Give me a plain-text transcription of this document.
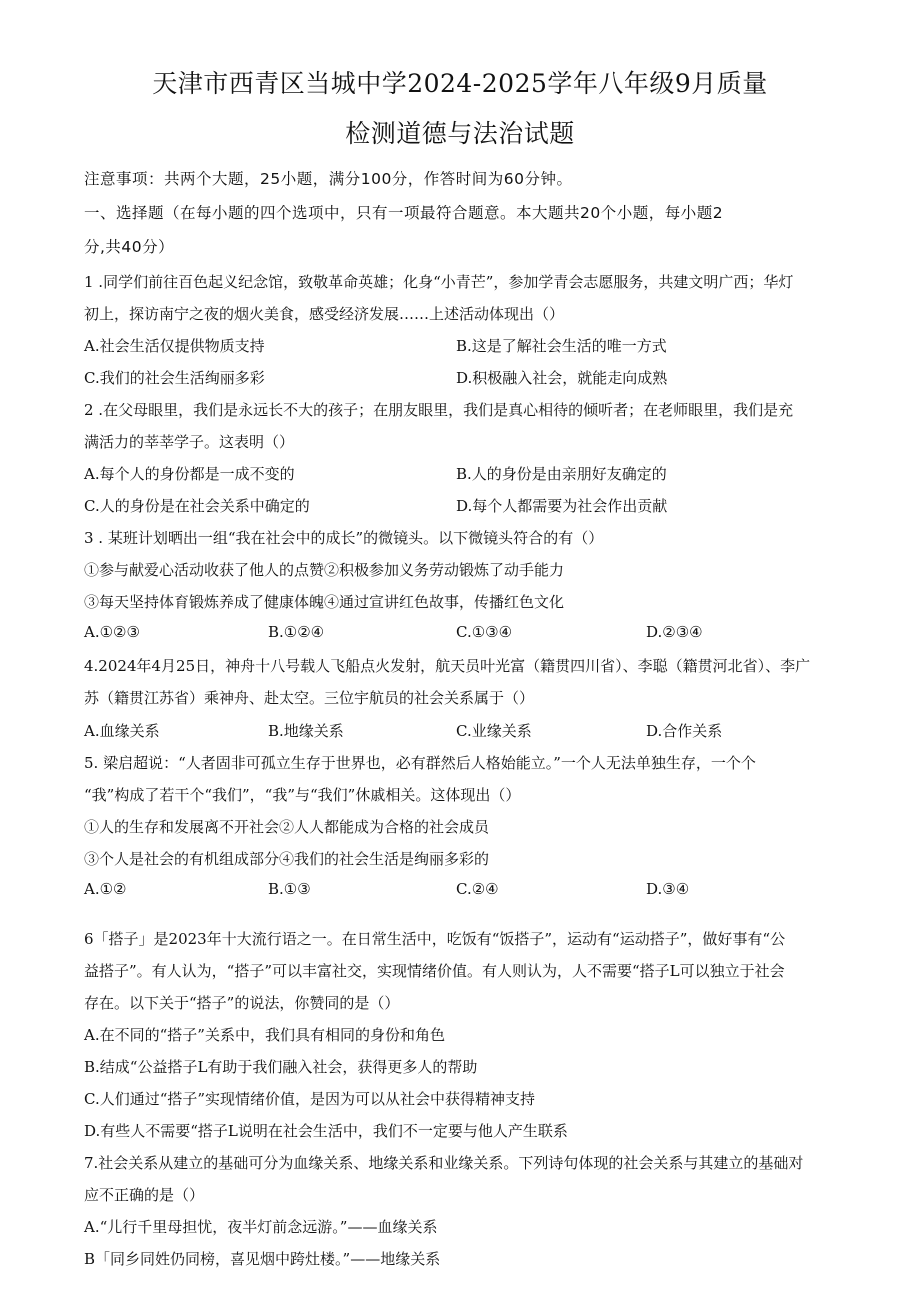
天津市西青区当城中学2024-2025学年八年级9月质量
检测道德与法治试题
注意事项：共两个大题，25小题，满分100分，作答时间为60分钟。
一、选择题（在每小题的四个选项中，只有一项最符合题意。本大题共20个小题，每小题2
分,共40分）
1 .同学们前往百色起义纪念馆，致敬革命英雄；化身“小青芒”，参加学青会志愿服务，共建文明广西；华灯
初上，探访南宁之夜的烟火美食，感受经济发展……上述活动体现出（）
A.社会生活仅提供物质支持	B.这是了解社会生活的唯一方式
C.我们的社会生活绚丽多彩	D.积极融入社会，就能走向成熟
2 .在父母眼里，我们是永远长不大的孩子；在朋友眼里，我们是真心相待的倾听者；在老师眼里，我们是充
满活力的莘莘学子。这表明（）
A.每个人的身份都是一成不变的	B.人的身份是由亲朋好友确定的
C.人的身份是在社会关系中确定的	D.每个人都需要为社会作出贡献
3 . 某班计划晒出一组“我在社会中的成长”的微镜头。以下微镜头符合的有（）
①参与献爱心活动收获了他人的点赞②积极参加义务劳动锻炼了动手能力
③每天坚持体育锻炼养成了健康体魄④通过宣讲红色故事，传播红色文化
A.①②③	B.①②④	C.①③④	D.②③④
4.2024年4月25日，神舟十八号载人飞船点火发射，航天员叶光富（籍贯四川省）、李聪（籍贯河北省）、李广
苏（籍贯江苏省）乘神舟、赴太空。三位宇航员的社会关系属于（）
A.血缘关系	B.地缘关系	C.业缘关系	D.合作关系
5. 梁启超说：“人者固非可孤立生存于世界也，必有群然后人格始能立。”一个人无法单独生存，一个个
“我”构成了若干个“我们”，“我”与“我们”休戚相关。这体现出（）
①人的生存和发展离不开社会②人人都能成为合格的社会成员
③个人是社会的有机组成部分④我们的社会生活是绚丽多彩的
A.①②	B.①③	C.②④	D.③④
6「搭子」是2023年十大流行语之一。在日常生活中，吃饭有“饭搭子”，运动有“运动搭子”，做好事有“公
益搭子”。有人认为，“搭子”可以丰富社交，实现情绪价值。有人则认为，人不需要“搭子L可以独立于社会
存在。以下关于“搭子”的说法，你赞同的是（）
A.在不同的“搭子”关系中，我们具有相同的身份和角色
B.结成“公益搭子L有助于我们融入社会，获得更多人的帮助
C.人们通过“搭子”实现情绪价值，是因为可以从社会中获得精神支持
D.有些人不需要“搭子L说明在社会生活中，我们不一定要与他人产生联系
7.社会关系从建立的基础可分为血缘关系、地缘关系和业缘关系。下列诗句体现的社会关系与其建立的基础对
应不正确的是（）
A.“儿行千里母担忧，夜半灯前念远游。”——血缘关系
B「同乡同姓仍同榜，喜见烟中跨灶楼。”——地缘关系
